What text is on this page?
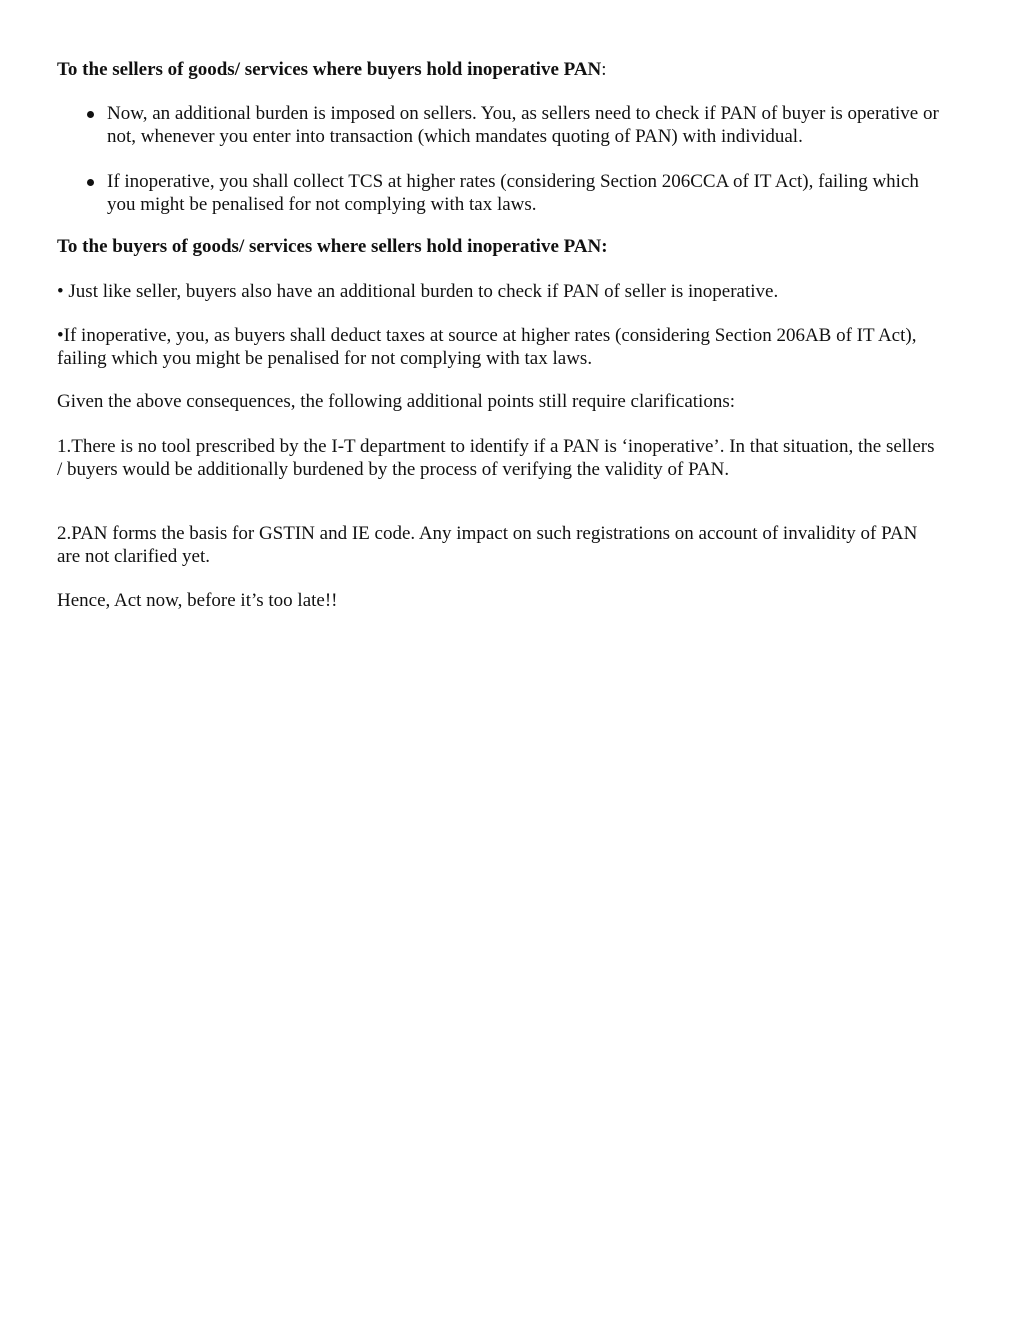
To the sellers of goods/ services where buyers hold inoperative PAN:

Now, an additional burden is imposed on sellers. You, as sellers need to check if PAN of buyer is operative or not, whenever you enter into transaction (which mandates quoting of PAN) with individual.

If inoperative, you shall collect TCS at higher rates (considering Section 206CCA of IT Act), failing which you might be penalised for not complying with tax laws.

To the buyers of goods/ services where sellers hold inoperative PAN:

• Just like seller, buyers also have an additional burden to check if PAN of seller is inoperative.

•If inoperative, you, as buyers shall deduct taxes at source at higher rates (considering Section 206AB of IT Act), failing which you might be penalised for not complying with tax laws.

Given the above consequences, the following additional points still require clarifications:

1.There is no tool prescribed by the I-T department to identify if a PAN is ‘inoperative’. In that situation, the sellers / buyers would be additionally burdened by the process of verifying the validity of PAN.

2.PAN forms the basis for GSTIN and IE code. Any impact on such registrations on account of invalidity of PAN are not clarified yet.

Hence, Act now, before it’s too late!!
